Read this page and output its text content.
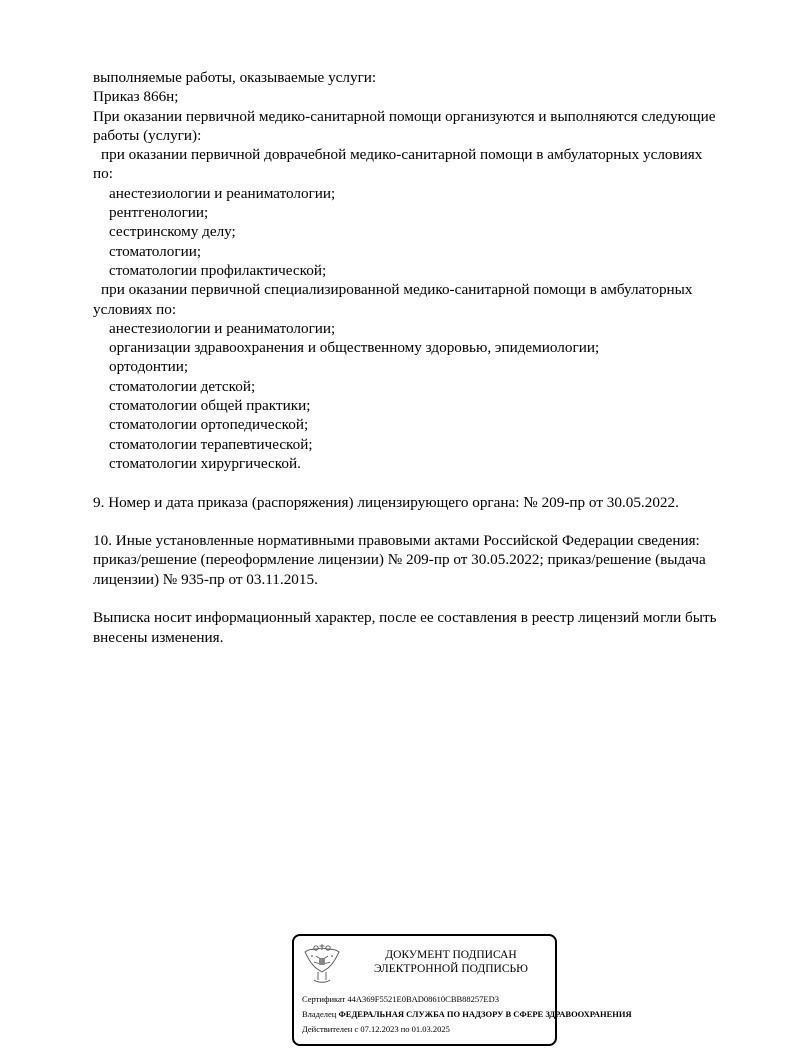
выполняемые работы, оказываемые услуги:
Приказ 866н;
При оказании первичной медико-санитарной помощи организуются и выполняются следующие
работы (услуги):
при оказании первичной доврачебной медико-санитарной помощи в амбулаторных условиях
по:
анестезиологии и реаниматологии;
рентгенологии;
сестринскому делу;
стоматологии;
стоматологии профилактической;
при оказании первичной специализированной медико-санитарной помощи в амбулаторных
условиях по:
анестезиологии и реаниматологии;
организации здравоохранения и общественному здоровью, эпидемиологии;
ортодонтии;
стоматологии детской;
стоматологии общей практики;
стоматологии ортопедической;
стоматологии терапевтической;
стоматологии хирургической.
9. Номер и дата приказа (распоряжения) лицензирующего органа: № 209-пр от 30.05.2022.
10. Иные установленные нормативными правовыми актами Российской Федерации сведения:
приказ/решение (переоформление лицензии) № 209-пр от 30.05.2022; приказ/решение (выдача
лицензии) № 935-пр от 03.11.2015.
Выписка носит информационный характер, после ее составления в реестр лицензий могли быть
внесены изменения.
ДОКУМЕНТ ПОДПИСАН
ЭЛЕКТРОННОЙ ПОДПИСЬЮ
Сертификат 44A369F5521E0BAD08610CBB88257ED3
Владелец ФЕДЕРАЛЬНАЯ СЛУЖБА ПО НАДЗОРУ В СФЕРЕ ЗДРАВООХРАНЕНИЯ
Действителен с 07.12.2023 по 01.03.2025
